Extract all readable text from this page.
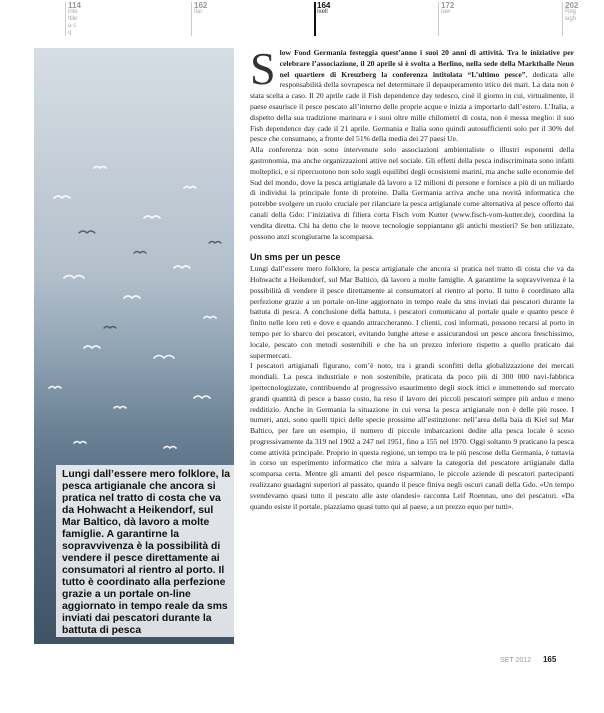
114
inte ttile a sq
162
Ilar
164
Ixell
172
Iaw
202
Reg sigh
Lungi dall’essere mero folklore, la pesca artigianale che ancora si pratica nel tratto di costa che va da Hohwacht a Heikendorf, sul Mar Baltico, dà lavoro a molte famiglie. A garantirne la sopravvivenza è la possibilità di vendere il pesce direttamente ai consumatori al rientro al porto. Il tutto è coordinato alla perfezione grazie a un portale on-line aggiornato in tempo reale da sms inviati dai pescatori durante la battuta di pesca

Slow Food Germania festeggia quest’anno i suoi 20 anni di attività. Tra le iniziative per celebrare l’associazione, il 20 aprile si è svolta a Berlino, nella sede della Markthalle Neun nel quartiere di Kreuzberg la conferenza intitolata “L’ultimo pesce”, dedicata alle responsabilità della sovrapesca nel determinare il depauperamento ittico dei mari. La data non è stata scelta a caso. Il 20 aprile cade il Fish dependence day tedesco, cioè il giorno in cui, virtualmente, il paese esaurisce il pesce pescato all’interno delle proprie acque e inizia a importarlo dall’estero. L’Italia, a dispetto della sua tradizione marinara e i suoi oltre mille chilometri di costa, non è messa meglio: il suo Fish dependence day cade il 21 aprile. Germania e Italia sono quindi autosufficienti solo per il 30% del pesce che consumano, a fronte del 51% della media dei 27 paesi Ue.

Alla conferenza non sono intervenute solo associazioni ambientaliste o illustri esponenti della gastronomia, ma anche organizzazioni attive nel sociale. Gli effetti della pesca indiscriminata sono infatti molteplici, e si ripercuotono non solo sugli equilibri degli ecosistemi marini, ma anche sulle economie del Sud del mondo, dove la pesca artigianale dà lavoro a 12 milioni di persone e fornisce a più di un miliardo di individui la principale fonte di proteine. Dalla Germania arriva anche una novità informatica che potrebbe svolgere un ruolo cruciale per rilanciare la pesca artigianale come alternativa al pesce offerto dai canali della Gdo: l’iniziativa di filiera corta Fisch vom Kutter (www.fisch-vom-kutter.de), coordina la vendita diretta. Chi ha detto che le nuove tecnologie soppiantano gli antichi mestieri? Se ben utilizzate, possono anzi scongiurarne la scomparsa.

Un sms per un pesce

Lungi dall’essere mero folklore, la pesca artigianale che ancora si pratica nel tratto di costa che va da Hohwacht a Heikendorf, sul Mar Baltico, dà lavoro a molte famiglie. A garantirne la sopravvivenza è la possibilità di vendere il pesce direttamente ai consumatori al rientro al porto. Il tutto è coordinato alla perfezione grazie a un portale on-line aggiornato in tempo reale da sms inviati dai pescatori durante la battuta di pesca. A conclusione della battuta, i pescatori comunicano al portale quale e quanto pesce è finito nelle loro reti e dove e quando attraccheranno. I clienti, così informati, possono recarsi al porto in tempo per lo sbarco dei pescatori, evitando lunghe attese e assicurandosi un pesce ancora freschissimo, locale, pescato con metodi sostenibili e che ha un prezzo inferiore rispetto a quello praticato dai supermercati.

I pescatori artigianali figurano, com’è noto, tra i grandi sconfitti della globalizzazione dei mercati mondiali. La pesca industriale e non sostenibile, praticata da poco più di 300 000 navi-fabbrica ipertecnologizzate, contribuendo al progressivo esaurimento degli stock ittici e immettendo sul mercato grandi quantità di pesce a basso costo, ha reso il lavoro dei piccoli pescatori sempre più arduo e meno redditizio. Anche in Germania la situazione in cui versa la pesca artigianale non è delle più rosee. I numeri, anzi, sono quelli tipici delle specie prossime all’estinzione: nell’area della baia di Kiel sul Mar Baltico, per fare un esempio, il numero di piccole imbarcazioni dedite alla pesca locale è sceso progressivamente da 319 nel 1902 a 247 nel 1951, fino a 155 nel 1970. Oggi soltanto 9 praticano la pesca come attività principale. Proprio in questa regione, un tempo tra le più pescose della Germania, è tuttavia in corso un esperimento informatico che mira a salvare la categoria del pescatore artigianale dalla scomparsa certa. Mentre gli amanti del pesce risparmiano, le piccole aziende di pescatori partecipanti realizzano guadagni superiori al passato, quando il pesce finiva negli oscuri canali della Gdo. «Un tempo svendevamo quasi tutto il pescato alle aste olandesi» racconta Leif Roennau, uno dei pescatori. «Da quando esiste il portale, piazziamo quasi tutto qui al paese, a un prezzo equo per tutti».

SET 2012 165
